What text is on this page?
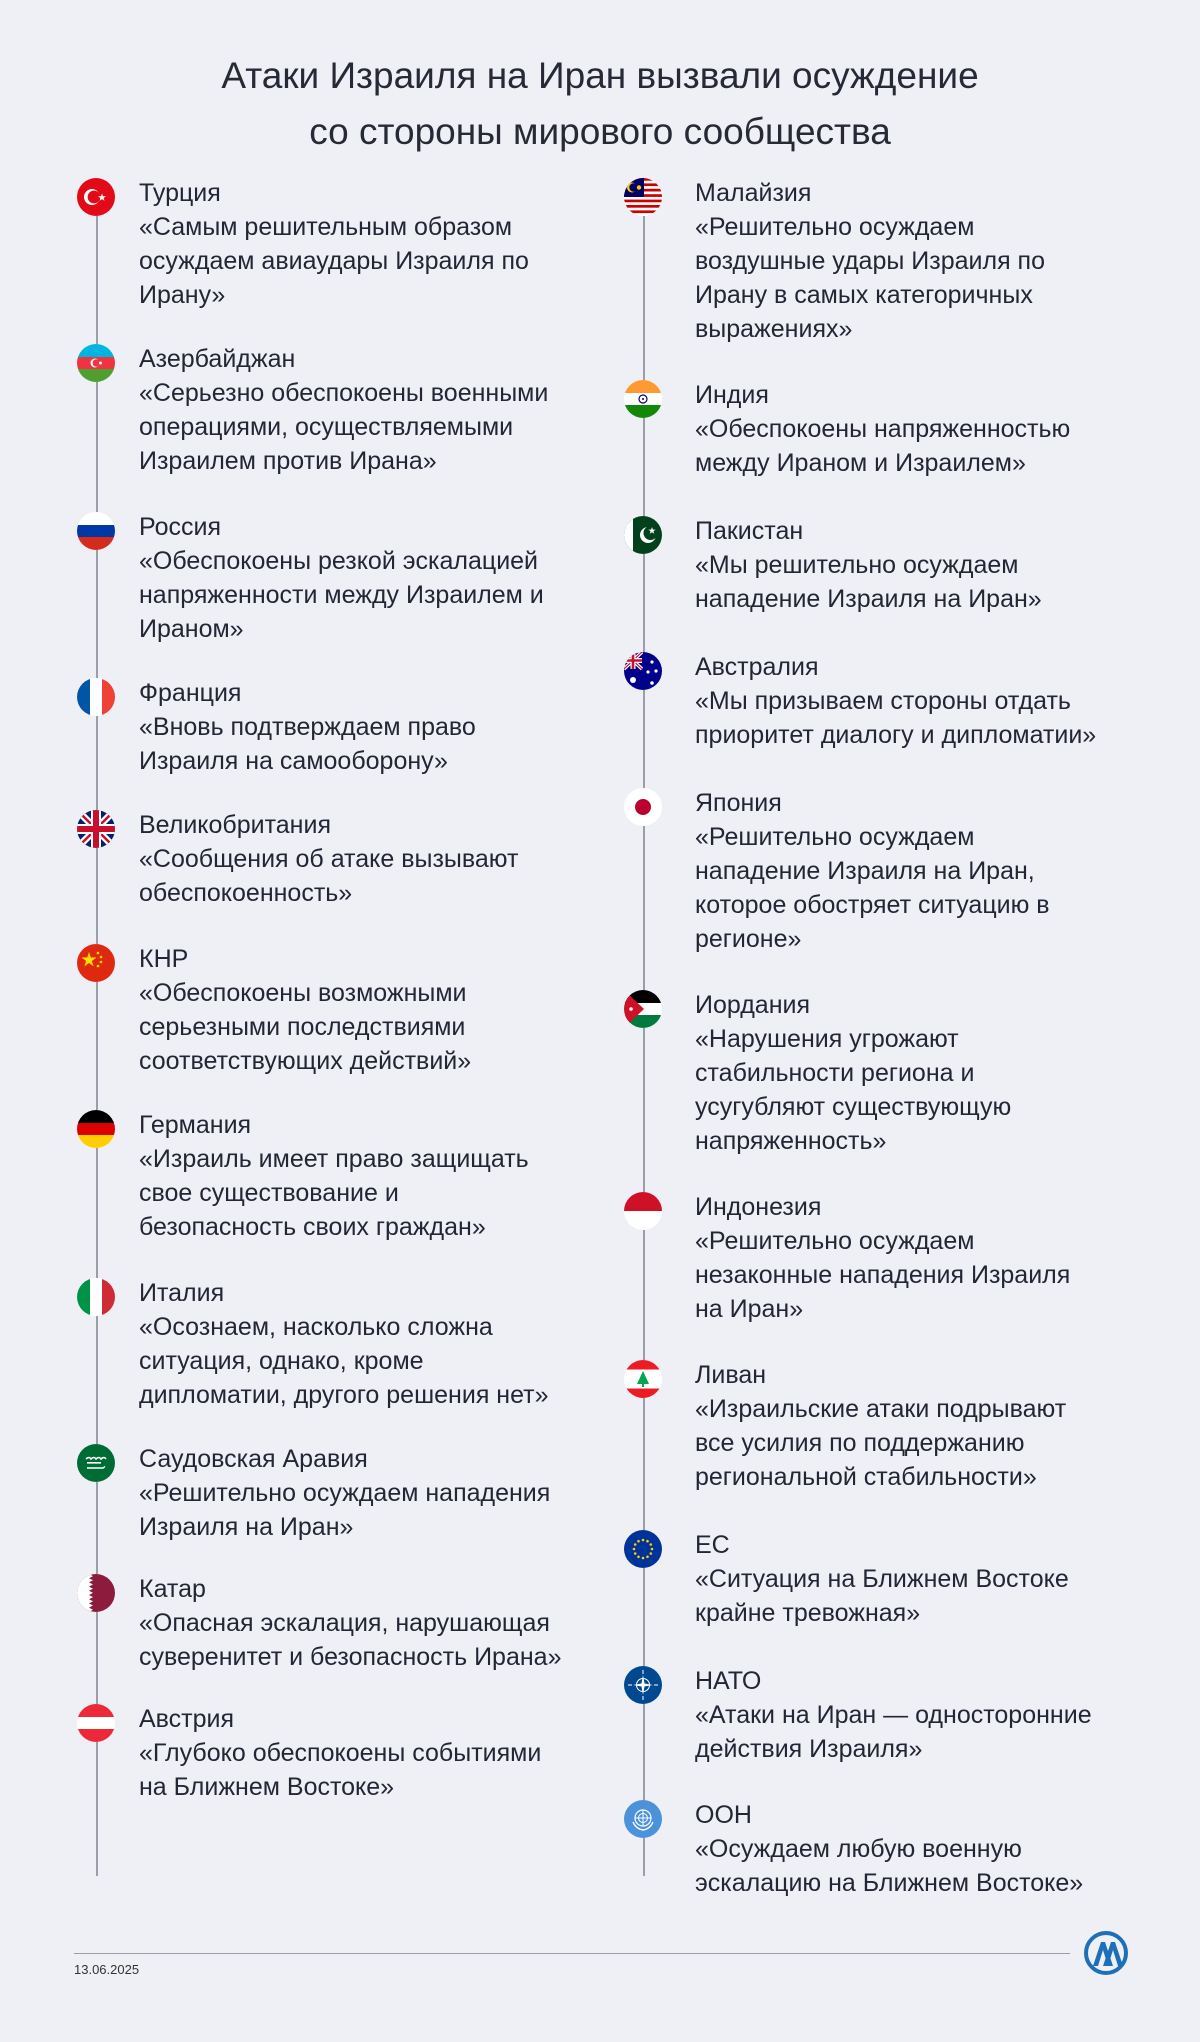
Атаки Израиля на Иран вызвали осуждение
со стороны мирового сообщества
Турция
«Самым решительным образом
осуждаем авиаудары Израиля по
Ирану»
Азербайджан
«Серьезно обеспокоены военными
операциями, осуществляемыми
Израилем против Ирана»
Россия
«Обеспокоены резкой эскалацией
напряженности между Израилем и
Ираном»
Франция
«Вновь подтверждаем право
Израиля на самооборону»
Великобритания
«Сообщения об атаке вызывают
обеспокоенность»
КНР
«Обеспокоены возможными
серьезными последствиями
соответствующих действий»
Германия
«Израиль имеет право защищать
свое существование и
безопасность своих граждан»
Италия
«Осознаем, насколько сложна
ситуация, однако, кроме
дипломатии, другого решения нет»
Саудовская Аравия
«Решительно осуждаем нападения
Израиля на Иран»
Катар
«Опасная эскалация, нарушающая
суверенитет и безопасность Ирана»
Австрия
«Глубоко обеспокоены событиями
на Ближнем Востоке»
Малайзия
«Решительно осуждаем
воздушные удары Израиля по
Ирану в самых категоричных
выражениях»
Индия
«Обеспокоены напряженностью
между Ираном и Израилем»
Пакистан
«Мы решительно осуждаем
нападение Израиля на Иран»
Австралия
«Мы призываем стороны отдать
приоритет диалогу и дипломатии»
Япония
«Решительно осуждаем
нападение Израиля на Иран,
которое обостряет ситуацию в
регионе»
Иордания
«Нарушения угрожают
стабильности региона и
усугубляют существующую
напряженность»
Индонезия
«Решительно осуждаем
незаконные нападения Израиля
на Иран»
Ливан
«Израильские атаки подрывают
все усилия по поддержанию
региональной стабильности»
ЕС
«Ситуация на Ближнем Востоке
крайне тревожная»
НАТО
«Атаки на Иран — односторонние
действия Израиля»
ООН
«Осуждаем любую военную
эскалацию на Ближнем Востоке»
13.06.2025
